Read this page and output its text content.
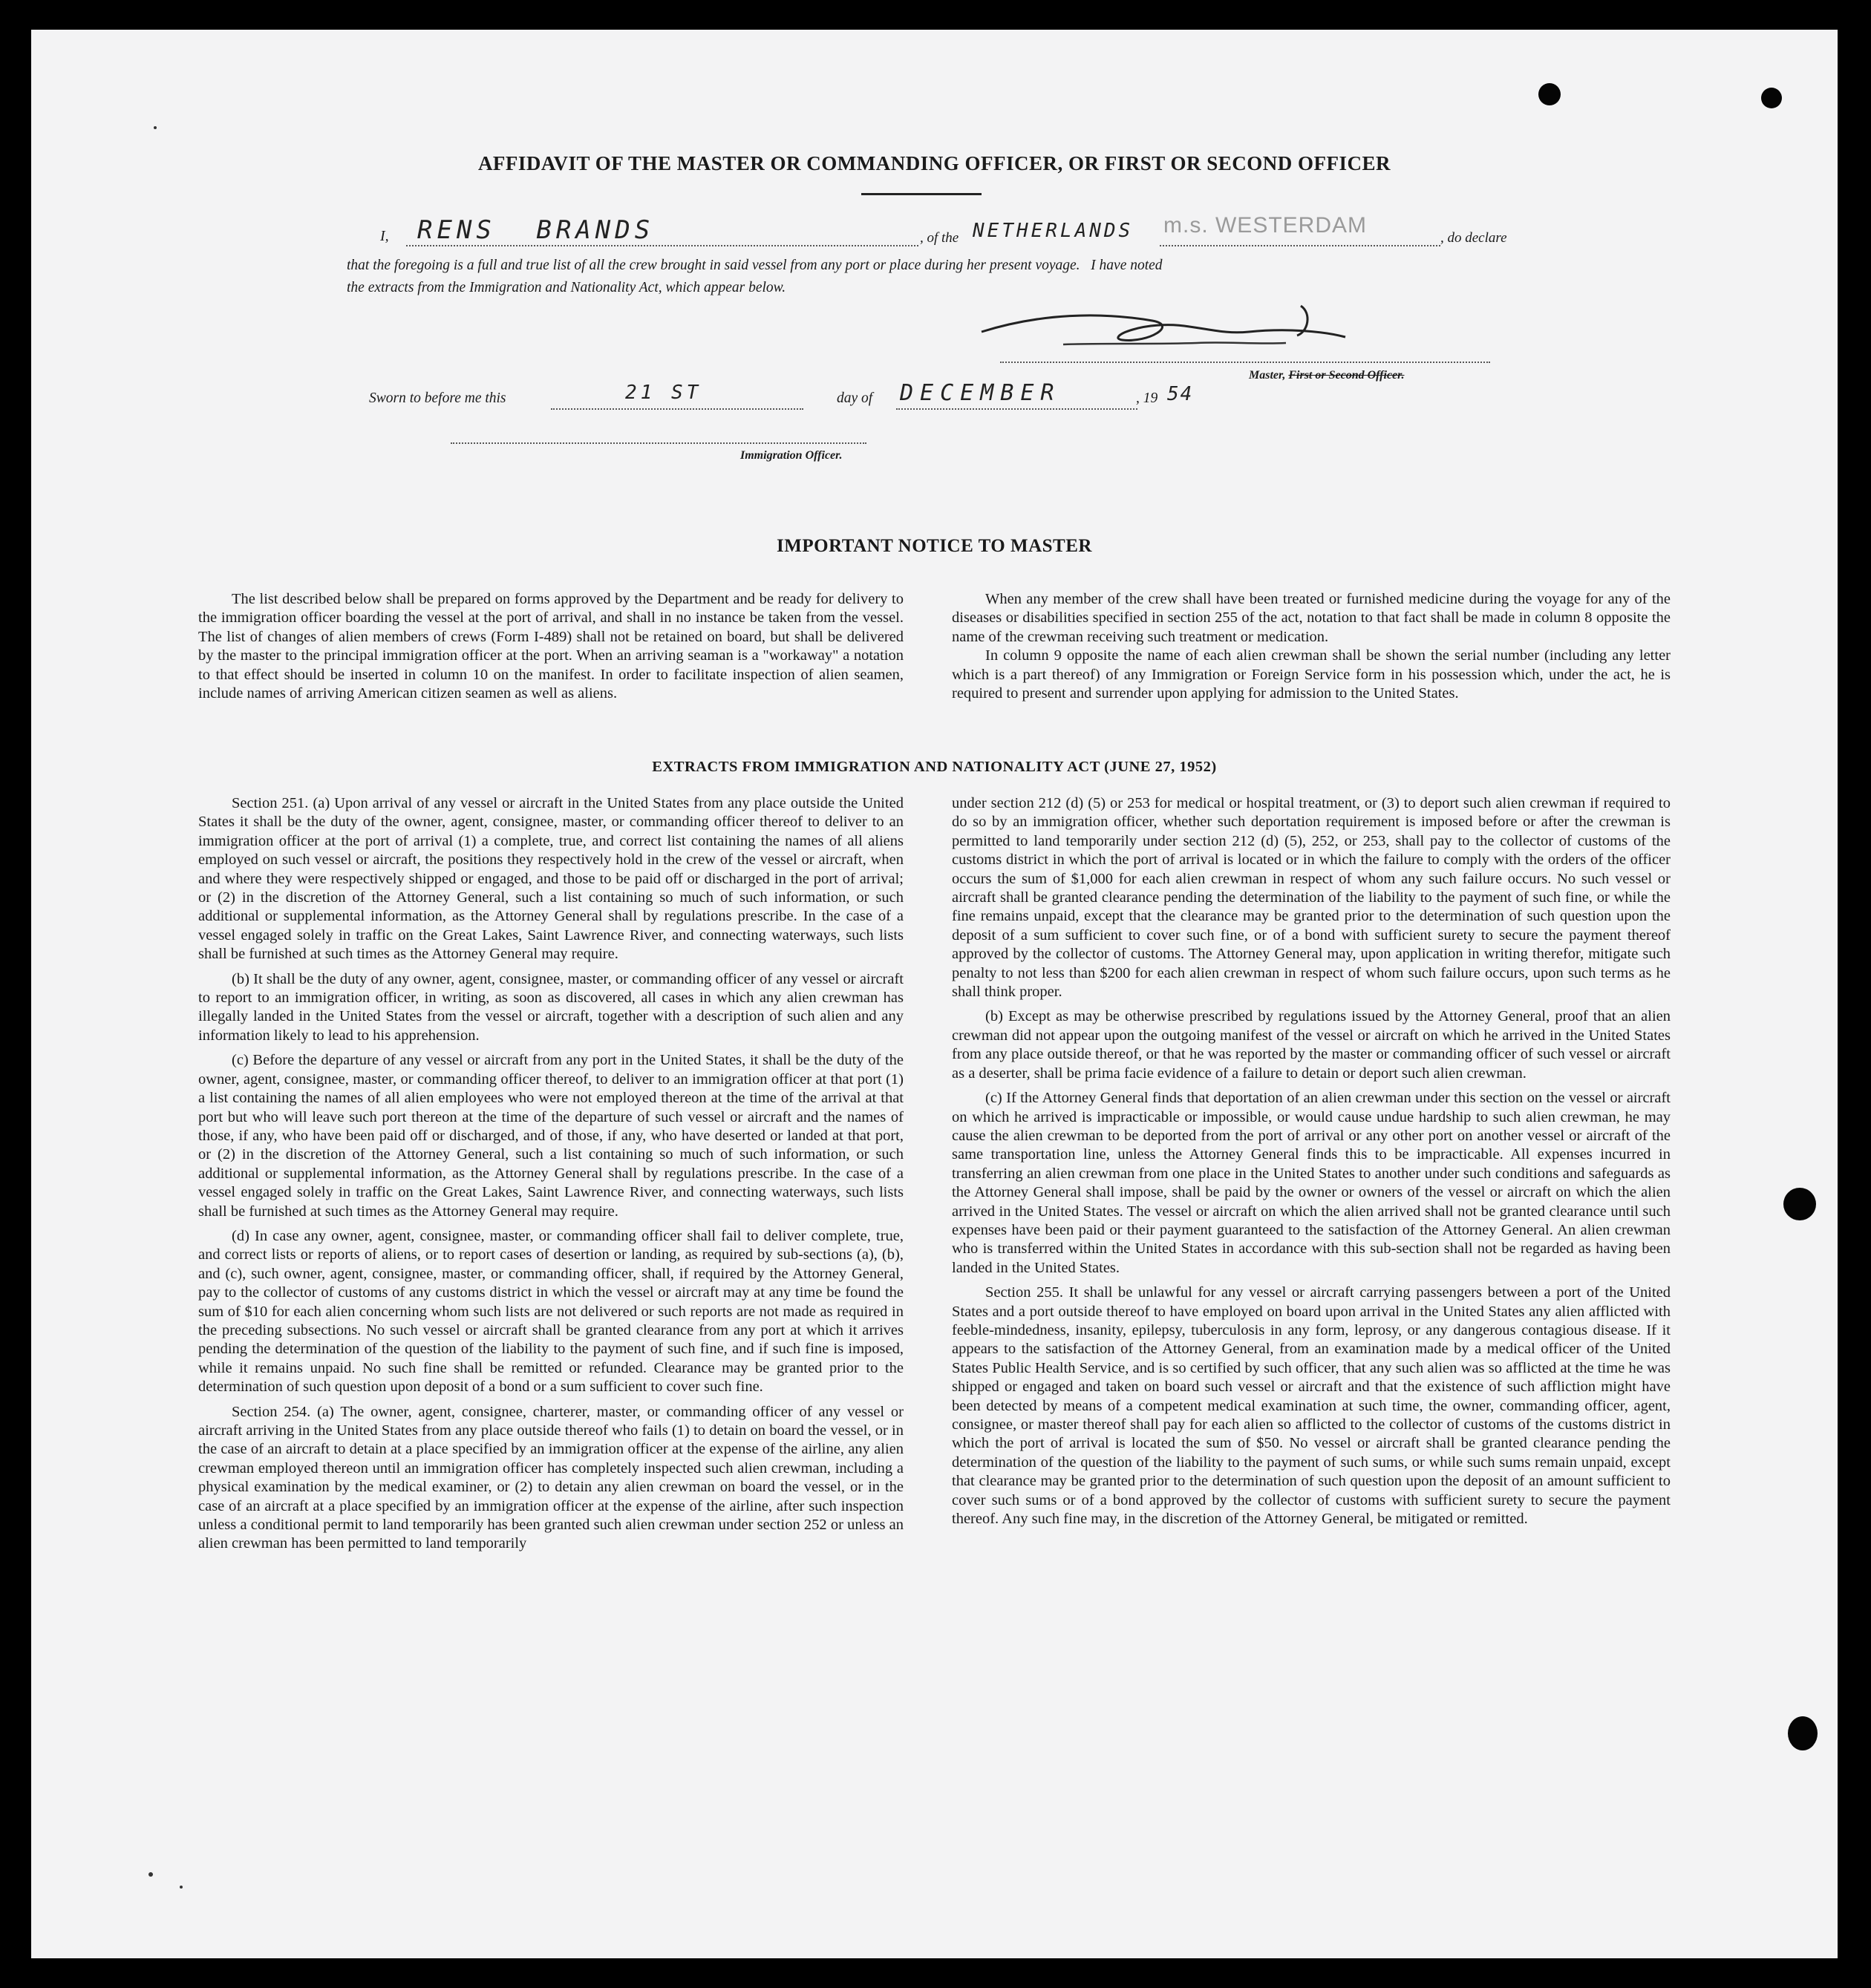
AFFIDAVIT OF THE MASTER OR COMMANDING OFFICER, OR FIRST OR SECOND OFFICER
I, RENS BRANDS	, of the NETHERLANDS m.s. WESTERDAM
, do declare
that the foregoing is a full and true list of all the crew brought in said vessel from any port or place during her present voyage.   I have noted
the extracts from the Immigration and Nationality Act, which appear below.
Master, First or Second Officer.
Sworn to before me this	21 ST	day of DECEMBER	, 19 54
Immigration Officer.
IMPORTANT NOTICE TO MASTER

The list described below shall be prepared on forms approved by the Department and be ready for delivery to the immigration officer boarding the vessel at the port of arrival, and shall in no instance be taken from the vessel. The list of changes of alien members of crews (Form I-489) shall not be retained on board, but shall be delivered by the master to the principal immigration officer at the port. When an arriving seaman is a "workaway" a notation to that effect should be inserted in column 10 on the manifest. In order to facilitate inspection of alien seamen, include names of arriving American citizen seamen as well as aliens.

When any member of the crew shall have been treated or furnished medicine during the voyage for any of the diseases or disabilities specified in section 255 of the act, notation to that fact shall be made in column 8 opposite the name of the crewman receiving such treatment or medication.

In column 9 opposite the name of each alien crewman shall be shown the serial number (including any letter which is a part thereof) of any Immigration or Foreign Service form in his possession which, under the act, he is required to present and surrender upon applying for admission to the United States.

EXTRACTS FROM IMMIGRATION AND NATIONALITY ACT (JUNE 27, 1952)

Section 251. (a) Upon arrival of any vessel or aircraft in the United States from any place outside the United States it shall be the duty of the owner, agent, consignee, master, or commanding officer thereof to deliver to an immigration officer at the port of arrival (1) a complete, true, and correct list containing the names of all aliens employed on such vessel or aircraft, the positions they respectively hold in the crew of the vessel or aircraft, when and where they were respectively shipped or engaged, and those to be paid off or discharged in the port of arrival; or (2) in the discretion of the Attorney General, such a list containing so much of such information, or such additional or supplemental information, as the Attorney General shall by regulations prescribe. In the case of a vessel engaged solely in traffic on the Great Lakes, Saint Lawrence River, and connecting waterways, such lists shall be furnished at such times as the Attorney General may require.

(b) It shall be the duty of any owner, agent, consignee, master, or commanding officer of any vessel or aircraft to report to an immigration officer, in writing, as soon as discovered, all cases in which any alien crewman has illegally landed in the United States from the vessel or aircraft, together with a description of such alien and any information likely to lead to his apprehension.

(c) Before the departure of any vessel or aircraft from any port in the United States, it shall be the duty of the owner, agent, consignee, master, or commanding officer thereof, to deliver to an immigration officer at that port (1) a list containing the names of all alien employees who were not employed thereon at the time of the arrival at that port but who will leave such port thereon at the time of the departure of such vessel or aircraft and the names of those, if any, who have been paid off or discharged, and of those, if any, who have deserted or landed at that port, or (2) in the discretion of the Attorney General, such a list containing so much of such information, or such additional or supplemental information, as the Attorney General shall by regulations prescribe. In the case of a vessel engaged solely in traffic on the Great Lakes, Saint Lawrence River, and connecting waterways, such lists shall be furnished at such times as the Attorney General may require.

(d) In case any owner, agent, consignee, master, or commanding officer shall fail to deliver complete, true, and correct lists or reports of aliens, or to report cases of desertion or landing, as required by sub-sections (a), (b), and (c), such owner, agent, consignee, master, or commanding officer, shall, if required by the Attorney General, pay to the collector of customs of any customs district in which the vessel or aircraft may at any time be found the sum of $10 for each alien concerning whom such lists are not delivered or such reports are not made as required in the preceding subsections. No such vessel or aircraft shall be granted clearance from any port at which it arrives pending the determination of the question of the liability to the payment of such fine, and if such fine is imposed, while it remains unpaid. No such fine shall be remitted or refunded. Clearance may be granted prior to the determination of such question upon deposit of a bond or a sum sufficient to cover such fine.

Section 254. (a) The owner, agent, consignee, charterer, master, or commanding officer of any vessel or aircraft arriving in the United States from any place outside thereof who fails (1) to detain on board the vessel, or in the case of an aircraft to detain at a place specified by an immigration officer at the expense of the airline, any alien crewman employed thereon until an immigration officer has completely inspected such alien crewman, including a physical examination by the medical examiner, or (2) to detain any alien crewman on board the vessel, or in the case of an aircraft at a place specified by an immigration officer at the expense of the airline, after such inspection unless a conditional permit to land temporarily has been granted such alien crewman under section 252 or unless an alien crewman has been permitted to land temporarily

under section 212 (d) (5) or 253 for medical or hospital treatment, or (3) to deport such alien crewman if required to do so by an immigration officer, whether such deportation requirement is imposed before or after the crewman is permitted to land temporarily under section 212 (d) (5), 252, or 253, shall pay to the collector of customs of the customs district in which the port of arrival is located or in which the failure to comply with the orders of the officer occurs the sum of $1,000 for each alien crewman in respect of whom any such failure occurs. No such vessel or aircraft shall be granted clearance pending the determination of the liability to the payment of such fine, or while the fine remains unpaid, except that the clearance may be granted prior to the determination of such question upon the deposit of a sum sufficient to cover such fine, or of a bond with sufficient surety to secure the payment thereof approved by the collector of customs. The Attorney General may, upon application in writing therefor, mitigate such penalty to not less than $200 for each alien crewman in respect of whom such failure occurs, upon such terms as he shall think proper.

(b) Except as may be otherwise prescribed by regulations issued by the Attorney General, proof that an alien crewman did not appear upon the outgoing manifest of the vessel or aircraft on which he arrived in the United States from any place outside thereof, or that he was reported by the master or commanding officer of such vessel or aircraft as a deserter, shall be prima facie evidence of a failure to detain or deport such alien crewman.

(c) If the Attorney General finds that deportation of an alien crewman under this section on the vessel or aircraft on which he arrived is impracticable or impossible, or would cause undue hardship to such alien crewman, he may cause the alien crewman to be deported from the port of arrival or any other port on another vessel or aircraft of the same transportation line, unless the Attorney General finds this to be impracticable. All expenses incurred in transferring an alien crewman from one place in the United States to another under such conditions and safeguards as the Attorney General shall impose, shall be paid by the owner or owners of the vessel or aircraft on which the alien arrived in the United States. The vessel or aircraft on which the alien arrived shall not be granted clearance until such expenses have been paid or their payment guaranteed to the satisfaction of the Attorney General. An alien crewman who is transferred within the United States in accordance with this sub-section shall not be regarded as having been landed in the United States.

Section 255. It shall be unlawful for any vessel or aircraft carrying passengers between a port of the United States and a port outside thereof to have employed on board upon arrival in the United States any alien afflicted with feeble-mindedness, insanity, epilepsy, tuberculosis in any form, leprosy, or any dangerous contagious disease. If it appears to the satisfaction of the Attorney General, from an examination made by a medical officer of the United States Public Health Service, and is so certified by such officer, that any such alien was so afflicted at the time he was shipped or engaged and taken on board such vessel or aircraft and that the existence of such affliction might have been detected by means of a competent medical examination at such time, the owner, commanding officer, agent, consignee, or master thereof shall pay for each alien so afflicted to the collector of customs of the customs district in which the port of arrival is located the sum of $50. No vessel or aircraft shall be granted clearance pending the determination of the question of the liability to the payment of such sums, or while such sums remain unpaid, except that clearance may be granted prior to the determination of such question upon the deposit of an amount sufficient to cover such sums or of a bond approved by the collector of customs with sufficient surety to secure the payment thereof. Any such fine may, in the discretion of the Attorney General, be mitigated or remitted.
